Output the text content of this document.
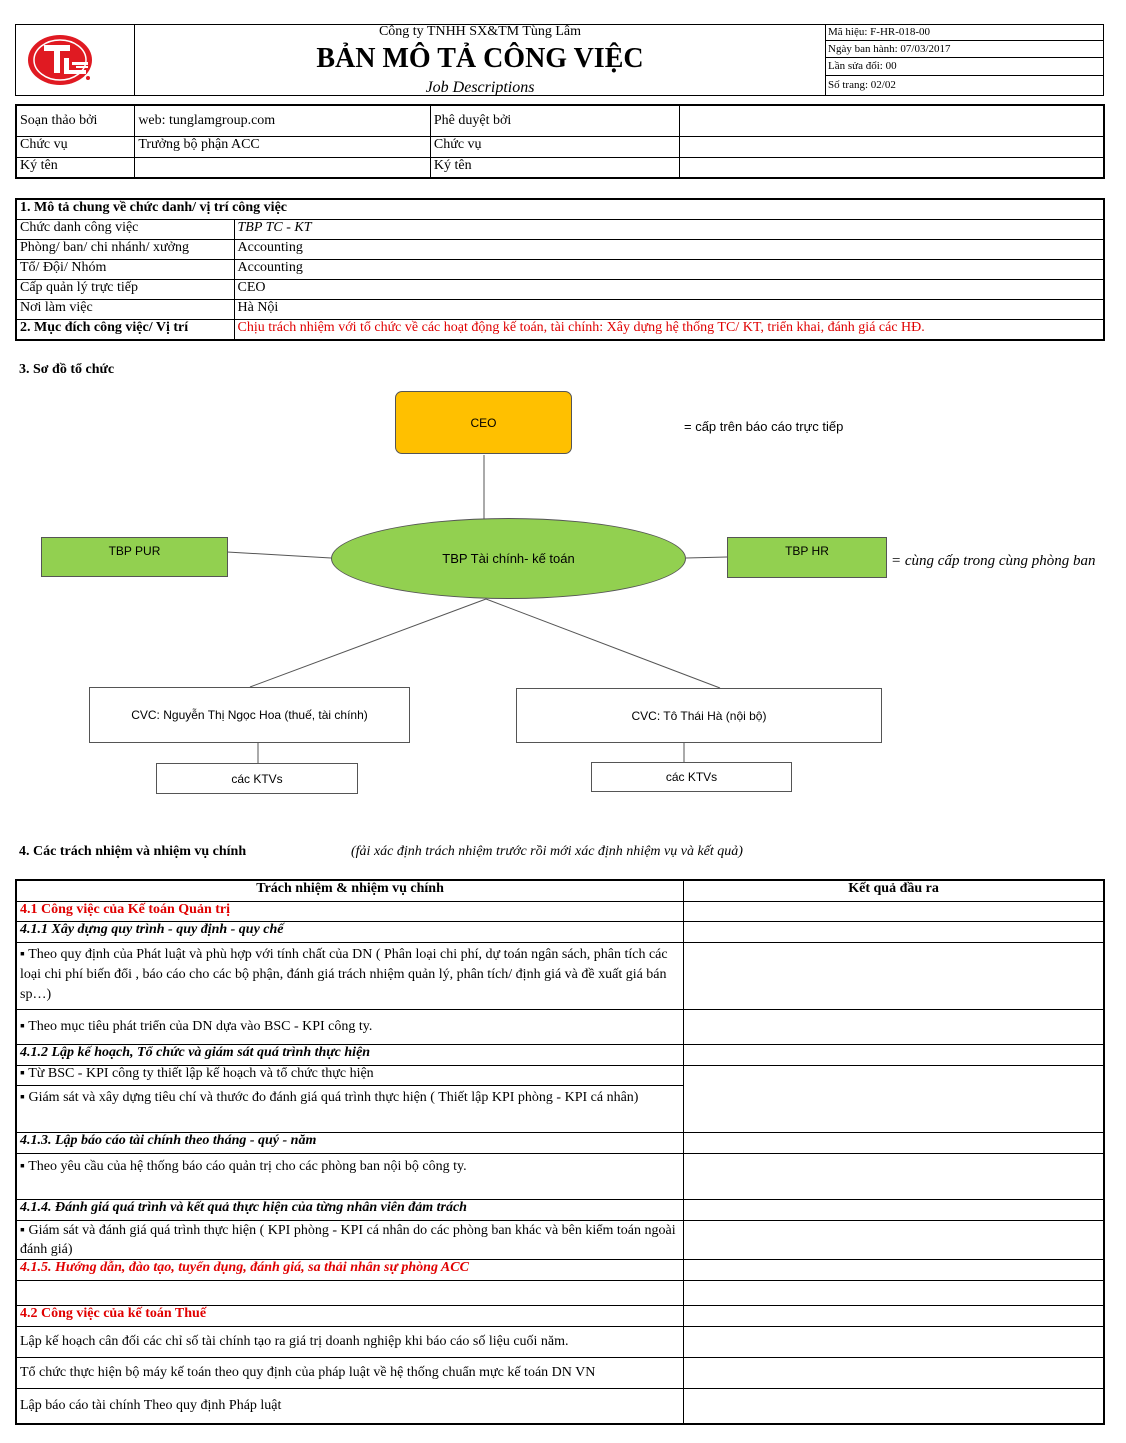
Công ty TNHH SX&TM Tùng Lâm
BẢN MÔ TẢ CÔNG VIỆC
Job Descriptions
Mã hiệu: F-HR-018-00
Ngày ban hành: 07/03/2017
Lần sửa đổi: 00
Số trang: 02/02
Soạn thảo bởi	web: tunglamgroup.com	Phê duyệt bởi	
Chức vụ	Trưởng bộ phận ACC	Chức vụ	
Ký tên		Ký tên	
1. Mô tả chung về chức danh/ vị trí công việc	
Chức danh công việc	TBP TC - KT
Phòng/ ban/ chi nhánh/ xưởng	Accounting
Tổ/ Đội/ Nhóm	Accounting
Cấp quản lý trực tiếp	CEO
Nơi làm việc	Hà Nội
2. Mục đích công việc/ Vị trí	Chịu trách nhiệm với tổ chức về các hoạt động kế toán, tài chính: Xây dựng hệ thống TC/ KT, triển khai, đánh giá các HĐ.
3. Sơ đồ tổ chức
CEO	= cấp trên báo cáo trực tiếp
TBP Tài chính- kế toán
TBP PUR	TBP HR
= cùng cấp trong cùng phòng ban
CVC: Nguyễn Thị Ngọc Hoa (thuế, tài chính)	CVC: Tô Thái Hà (nội bộ)
các KTVs	các KTVs
4. Các trách nhiệm và nhiệm vụ chính	(fải xác định trách nhiệm trước rồi mới xác định nhiệm vụ và kết quả)
Trách nhiệm & nhiệm vụ chính	Kết quả đầu ra
4.1 Công việc của Kế toán Quản trị	
4.1.1 Xây dựng quy trình - quy định - quy chế	
▪ Theo quy định của Phát luật và phù hợp với tính chất của DN ( Phân loại chi phí, dự toán ngân sách, phân tích các loại chi phí biến đổi , báo cáo cho các bộ phận, đánh giá trách nhiệm quản lý, phân tích/ định giá và đề xuất giá bán sp…)	
▪ Theo mục tiêu phát triển của DN dựa vào BSC - KPI công ty.	
4.1.2 Lập kế hoạch, Tổ chức và giám sát quá trình thực hiện	
▪ Từ BSC - KPI công ty thiết lập kế hoạch và tổ chức thực hiện	
▪ Giám sát và xây dựng tiêu chí và thước đo đánh giá quá trình thực hiện ( Thiết lập KPI phòng - KPI cá nhân)	
4.1.3. Lập báo cáo tài chính theo tháng - quý - năm	
▪ Theo yêu cầu của hệ thống báo cáo quản trị cho các phòng ban nội bộ công ty.	
4.1.4. Đánh giá quá trình và kết quả thực hiện của từng nhân viên đảm trách	
▪ Giám sát và đánh giá quá trình thực hiện ( KPI phòng - KPI cá nhân do các phòng ban khác và bên kiểm toán ngoài đánh giá)	
4.1.5. Hướng dẫn, đào tạo, tuyển dụng, đánh giá, sa thải nhân sự phòng ACC	

4.2 Công việc của kế toán Thuế	
Lập kế hoạch cân đối các chỉ số tài chính tạo ra giá trị doanh nghiệp khi báo cáo số liệu cuối năm.	
Tổ chức thực hiện bộ máy kế toán theo quy định của pháp luật về hệ thống chuẩn mực kế toán DN VN	
Lập báo cáo tài chính Theo quy định Pháp luật	
